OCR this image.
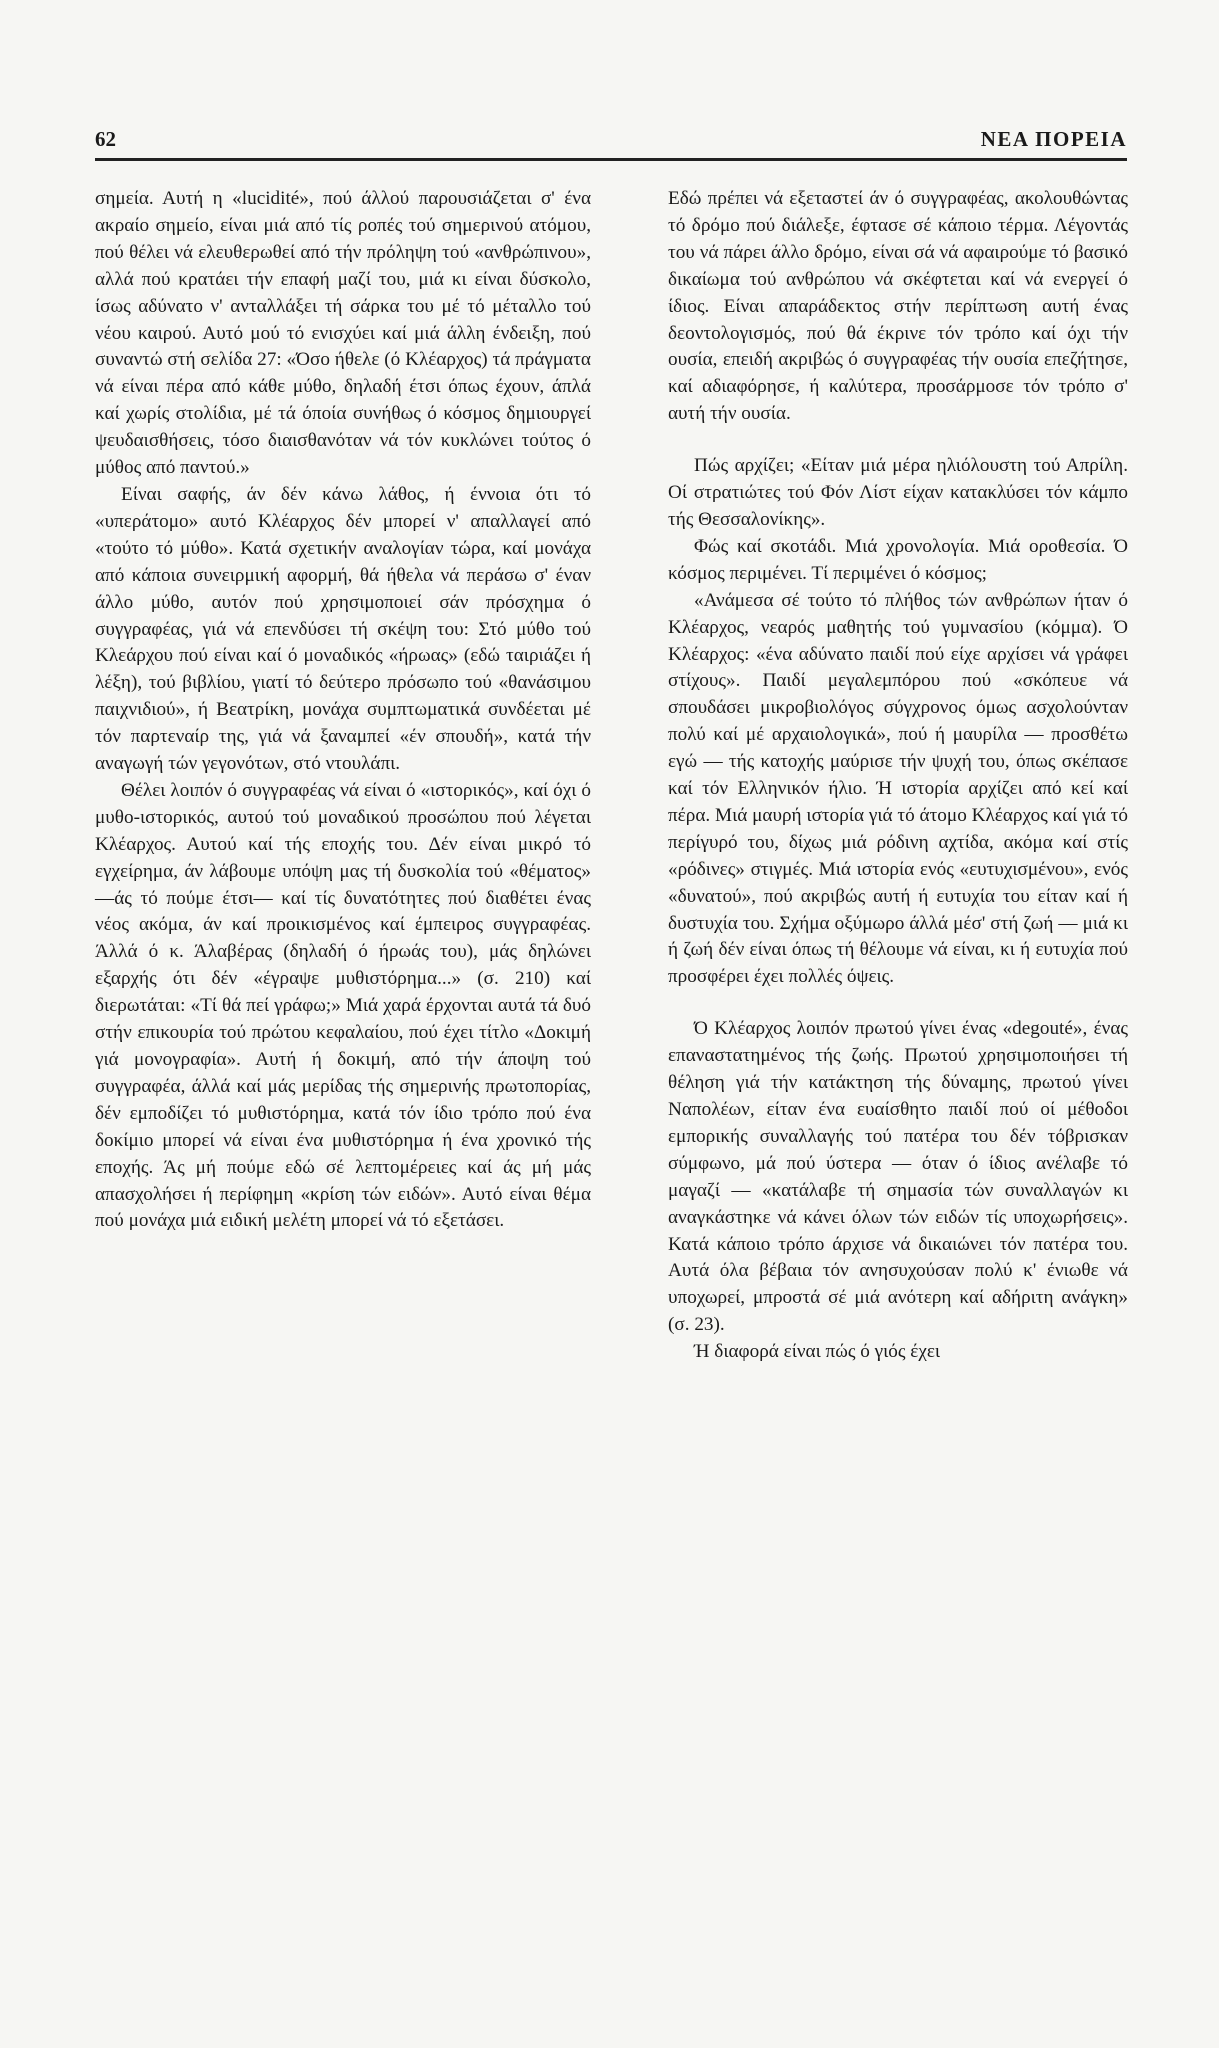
62	ΝΕΑ ΠΟΡΕΙΑ

σημεία. Αυτή η «lucidité», πού άλλού παρουσιάζεται σ' ένα ακραίο σημείο, είναι μιά από τίς ροπές τού σημερινού ατόμου, πού θέλει νά ελευθερωθεί από τήν πρόληψη τού «ανθρώπινου», αλλά πού κρατάει τήν επαφή μαζί του, μιά κι είναι δύσκολο, ίσως αδύνατο ν' ανταλλάξει τή σάρκα του μέ τό μέταλλο τού νέου καιρού. Αυτό μού τό ενισχύει καί μιά άλλη ένδειξη, πού συναντώ στή σελίδα 27: «Όσο ήθελε (ό Κλέαρχος) τά πράγματα νά είναι πέρα από κάθε μύθο, δηλαδή έτσι όπως έχουν, άπλά καί χωρίς στολίδια, μέ τά όποία συνήθως ό κόσμος δημιουργεί ψευδαισθήσεις, τόσο διαισθανόταν νά τόν κυκλώνει τούτος ό μύθος από παντού.»

Είναι σαφής, άν δέν κάνω λάθος, ή έννοια ότι τό «υπεράτομο» αυτό Κλέαρχος δέν μπορεί ν' απαλλαγεί από «τούτο τό μύθο». Κατά σχετικήν αναλογίαν τώρα, καί μονάχα από κάποια συνειρμική αφορμή, θά ήθελα νά περάσω σ' έναν άλλο μύθο, αυτόν πού χρησιμοποιεί σάν πρόσχημα ό συγγραφέας, γιά νά επενδύσει τή σκέψη του: Στό μύθο τού Κλεάρχου πού είναι καί ό μοναδικός «ήρωας» (εδώ ταιριάζει ή λέξη), τού βιβλίου, γιατί τό δεύτερο πρόσωπο τού «θανάσιμου παιχνιδιού», ή Βεατρίκη, μονάχα συμπτωματικά συνδέεται μέ τόν παρτεναίρ της, γιά νά ξαναμπεί «έν σπουδή», κατά τήν αναγωγή τών γεγονότων, στό ντουλάπι.

Θέλει λοιπόν ό συγγραφέας νά είναι ό «ιστορικός», καί όχι ό μυθο-ιστορικός, αυτού τού μοναδικού προσώπου πού λέγεται Κλέαρχος. Αυτού καί τής εποχής του. Δέν είναι μικρό τό εγχείρημα, άν λάβουμε υπόψη μας τή δυσκολία τού «θέματος» —άς τό πούμε έτσι— καί τίς δυνατότητες πού διαθέτει ένας νέος ακόμα, άν καί προικισμένος καί έμπειρος συγγραφέας. Άλλά ό κ. Άλαβέρας (δηλαδή ό ήρωάς του), μάς δηλώνει εξαρχής ότι δέν «έγραψε μυθιστόρημα...» (σ. 210) καί διερωτάται: «Τί θά πεί γράφω;» Μιά χαρά έρχονται αυτά τά δυό στήν επικουρία τού πρώτου κεφαλαίου, πού έχει τίτλο «Δοκιμή γιά μονογραφία». Αυτή ή δοκιμή, από τήν άποψη τού συγγραφέα, άλλά καί μάς μερίδας τής σημερινής πρωτοπορίας, δέν εμποδίζει τό μυθιστόρημα, κατά τόν ίδιο τρόπο πού ένα δοκίμιο μπορεί νά είναι ένα μυθιστόρημα ή ένα χρονικό τής εποχής. Άς μή πούμε εδώ σέ λεπτομέρειες καί άς μή μάς απασχολήσει ή περίφημη «κρίση τών ειδών». Αυτό είναι θέμα πού μονάχα μιά ειδική μελέτη μπορεί νά τό εξετάσει.

Εδώ πρέπει νά εξεταστεί άν ό συγγραφέας, ακολουθώντας τό δρόμο πού διάλεξε, έφτασε σέ κάποιο τέρμα. Λέγοντάς του νά πάρει άλλο δρόμο, είναι σά νά αφαιρούμε τό βασικό δικαίωμα τού ανθρώπου νά σκέφτεται καί νά ενεργεί ό ίδιος. Είναι απαράδεκτος στήν περίπτωση αυτή ένας δεοντολογισμός, πού θά έκρινε τόν τρόπο καί όχι τήν ουσία, επειδή ακριβώς ό συγγραφέας τήν ουσία επεζήτησε, καί αδιαφόρησε, ή καλύτερα, προσάρμοσε τόν τρόπο σ' αυτή τήν ουσία.

Πώς αρχίζει; «Είταν μιά μέρα ηλιόλουστη τού Απρίλη. Οί στρατιώτες τού Φόν Λίστ είχαν κατακλύσει τόν κάμπο τής Θεσσαλονίκης».

Φώς καί σκοτάδι. Μιά χρονολογία. Μιά οροθεσία. Ό κόσμος περιμένει. Τί περιμένει ό κόσμος;

«Ανάμεσα σέ τούτο τό πλήθος τών ανθρώπων ήταν ό Κλέαρχος, νεαρός μαθητής τού γυμνασίου (κόμμα). Ό Κλέαρχος: «ένα αδύνατο παιδί πού είχε αρχίσει νά γράφει στίχους». Παιδί μεγαλεμπόρου πού «σκόπευε νά σπουδάσει μικροβιολόγος σύγχρονος όμως ασχολούνταν πολύ καί μέ αρχαιολογικά», πού ή μαυρίλα — προσθέτω εγώ — τής κατοχής μαύρισε τήν ψυχή του, όπως σκέπασε καί τόν Ελληνικόν ήλιο. Ή ιστορία αρχίζει από κεί καί πέρα. Μιά μαυρή ιστορία γιά τό άτομο Κλέαρχος καί γιά τό περίγυρό του, δίχως μιά ρόδινη αχτίδα, ακόμα καί στίς «ρόδινες» στιγμές. Μιά ιστορία ενός «ευτυχισμένου», ενός «δυνατού», πού ακριβώς αυτή ή ευτυχία του είταν καί ή δυστυχία του. Σχήμα οξύμωρο άλλά μέσ' στή ζωή — μιά κι ή ζωή δέν είναι όπως τή θέλουμε νά είναι, κι ή ευτυχία πού προσφέρει έχει πολλές όψεις.

Ό Κλέαρχος λοιπόν πρωτού γίνει ένας «degouté», ένας επαναστατημένος τής ζωής. Πρωτού χρησιμοποιήσει τή θέληση γιά τήν κατάκτηση τής δύναμης, πρωτού γίνει Ναπολέων, είταν ένα ευαίσθητο παιδί πού οί μέθοδοι εμπορικής συναλλαγής τού πατέρα του δέν τόβρισκαν σύμφωνο, μά πού ύστερα — όταν ό ίδιος ανέλαβε τό μαγαζί — «κατάλαβε τή σημασία τών συναλλαγών κι αναγκάστηκε νά κάνει όλων τών ειδών τίς υποχωρήσεις». Κατά κάποιο τρόπο άρχισε νά δικαιώνει τόν πατέρα του. Αυτά όλα βέβαια τόν ανησυχούσαν πολύ κ' ένιωθε νά υποχωρεί, μπροστά σέ μιά ανότερη καί αδήριτη ανάγκη» (σ. 23).

Ή διαφορά είναι πώς ό γιός έχει
